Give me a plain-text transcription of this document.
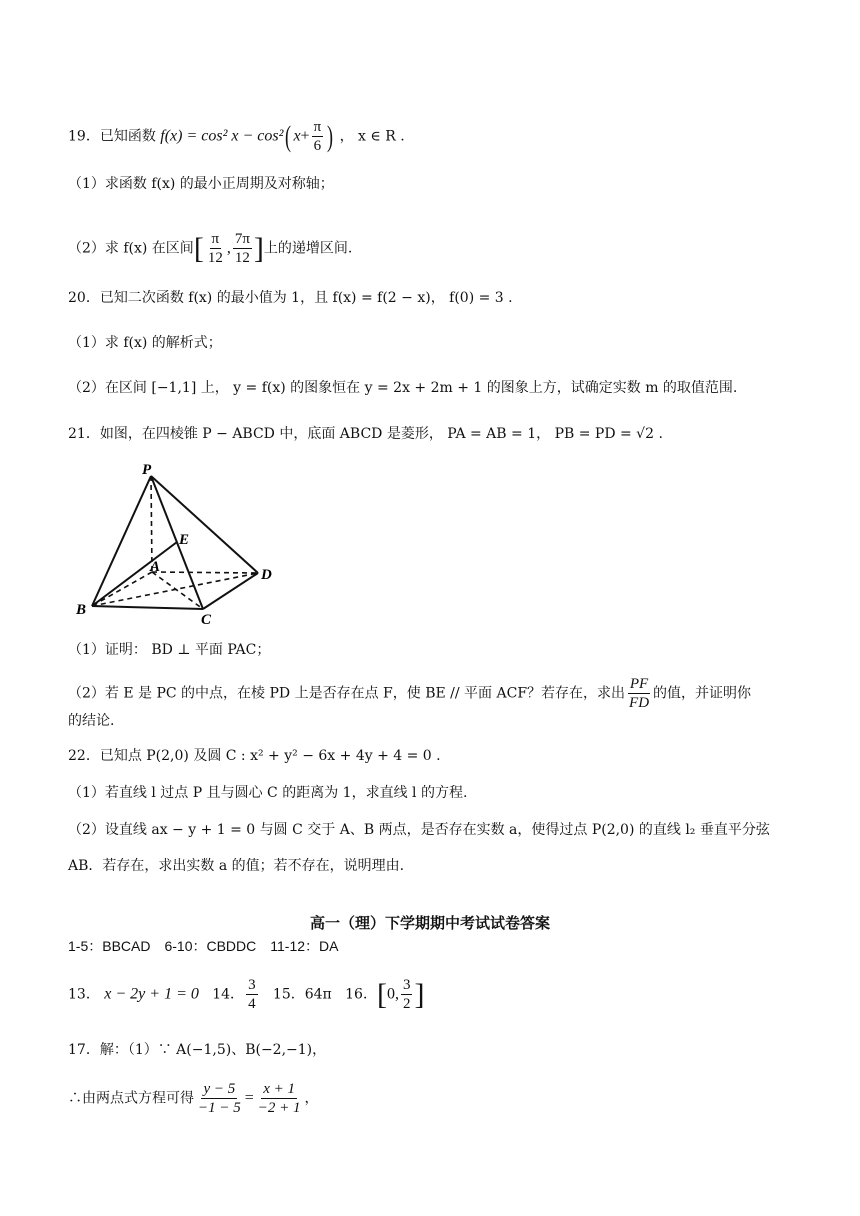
19．已知函数 f(x) = cos² x − cos²( $x+ \frac{\pi}{6}$ ) ， x ∈ R .
（1）求函数 f(x) 的最小正周期及对称轴；
（2）求 f(x) 在区间[ $\frac{\pi}{12}$ , $\frac{7\pi}{12}$ ]上的递增区间.
20．已知二次函数 f(x) 的最小值为 1，且 f(x) = f(2 − x)， f(0) = 3 .
（1）求 f(x) 的解析式；
（2）在区间 [−1,1] 上， y = f(x) 的图象恒在 y = 2x + 2m + 1 的图象上方，试确定实数 m 的取值范围.
21．如图，在四棱锥 P − ABCD 中，底面 ABCD 是菱形， PA = AB = 1， PB = PD = √2 .
P
E
A	D
B
C
（1）证明： BD ⊥ 平面 PAC；
（2）若 E 是 PC 的中点，在棱 PD 上是否存在点 F，使 BE // 平面 ACF？若存在，求出 $\frac{PF}{FD}$ 的值，并证明你
的结论.
22．已知点 P(2,0) 及圆 C : x² + y² − 6x + 4y + 4 = 0 .
（1）若直线 l 过点 P 且与圆心 C 的距离为 1，求直线 l 的方程.
（2）设直线 ax − y + 1 = 0 与圆 C 交于 A、B 两点，是否存在实数 a，使得过点 P(2,0) 的直线 l₂ 垂直平分弦
AB．若存在，求出实数 a 的值；若不存在，说明理由.
高一（理）下学期期中考试试卷答案
1-5：BBCAD　6-10：CBDDC　11-12：DA
13． x − 2y + 1 = 0 14． $\frac{3}{4} 15$．64π 16．[0, $\frac{3}{2}$ ]
17．解：（1）∵ A(−1,5)、B(−2,−1)，
∴由两点式方程可得 $\frac{y - 5}{-1 - 5} = \frac{x + 1}{-2 + 1}$ ，
